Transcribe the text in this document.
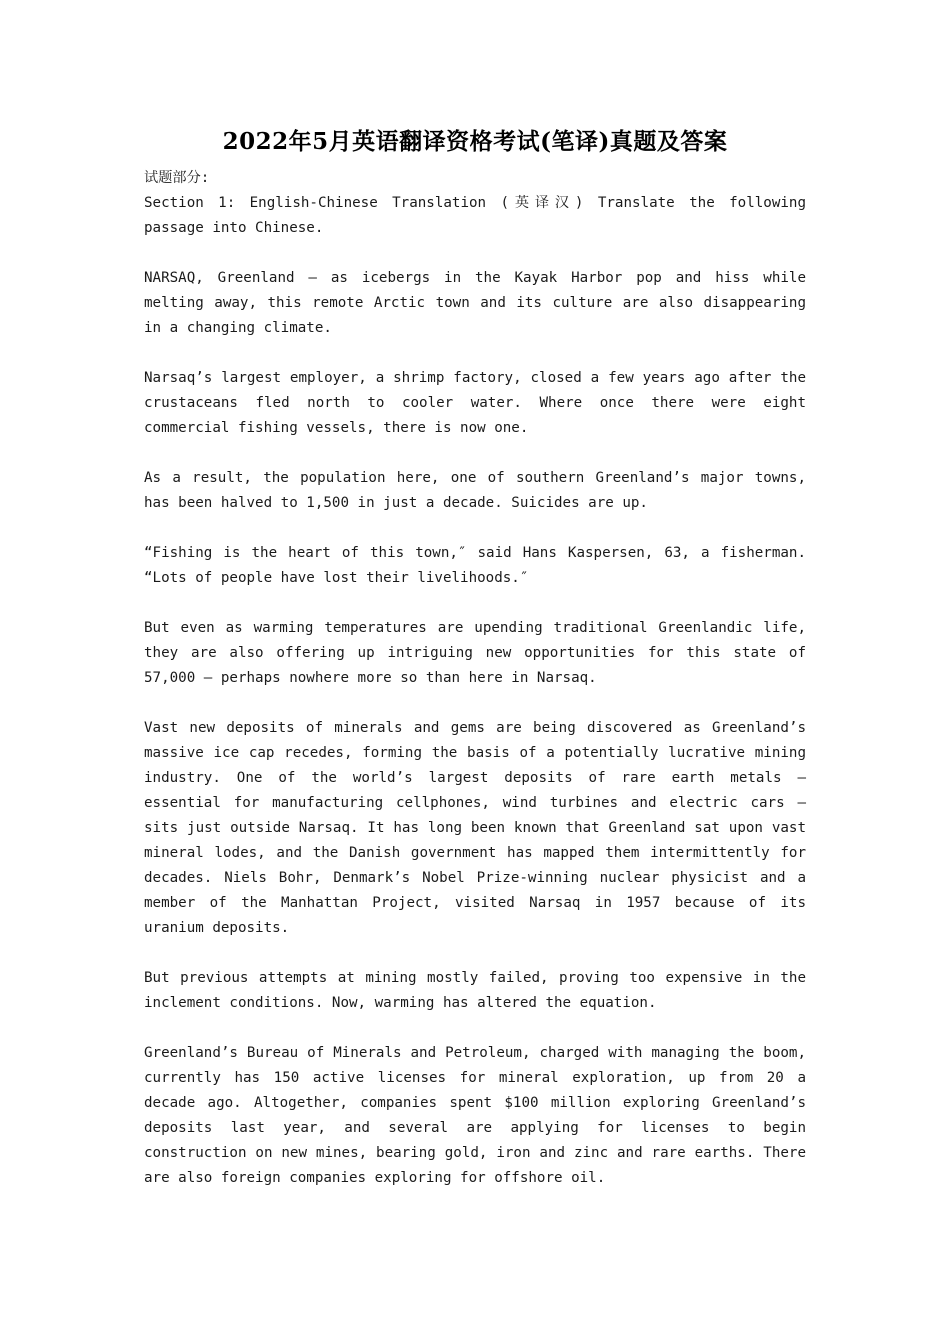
2022年5月英语翻译资格考试(笔译)真题及答案

试题部分:

Section 1: English-Chinese Translation (英译汉) Translate the following passage into Chinese.

NARSAQ, Greenland — as icebergs in the Kayak Harbor pop and hiss while melting away, this remote Arctic town and its culture are also disappearing in a changing climate.

Narsaq’s largest employer, a shrimp factory, closed a few years ago after the crustaceans fled north to cooler water. Where once there were eight commercial fishing vessels, there is now one.

As a result, the population here, one of southern Greenland’s major towns, has been halved to 1,500 in just a decade. Suicides are up.

“Fishing is the heart of this town,″ said Hans Kaspersen, 63, a fisherman. “Lots of people have lost their livelihoods.″

But even as warming temperatures are upending traditional Greenlandic life, they are also offering up intriguing new opportunities for this state of 57,000 — perhaps nowhere more so than here in Narsaq.

Vast new deposits of minerals and gems are being discovered as Greenland’s massive ice cap recedes, forming the basis of a potentially lucrative mining industry. One of the world’s largest deposits of rare earth metals — essential for manufacturing cellphones, wind turbines and electric cars — sits just outside Narsaq. It has long been known that Greenland sat upon vast mineral lodes, and the Danish government has mapped them intermittently for decades. Niels Bohr, Denmark’s Nobel Prize-winning nuclear physicist and a member of the Manhattan Project, visited Narsaq in 1957 because of its uranium deposits.

But previous attempts at mining mostly failed, proving too expensive in the inclement conditions. Now, warming has altered the equation.

Greenland’s Bureau of Minerals and Petroleum, charged with managing the boom, currently has 150 active licenses for mineral exploration, up from 20 a decade ago. Altogether, companies spent $100 million exploring Greenland’s deposits last year, and several are applying for licenses to begin construction on new mines, bearing gold, iron and zinc and rare earths. There are also foreign companies exploring for offshore oil.
